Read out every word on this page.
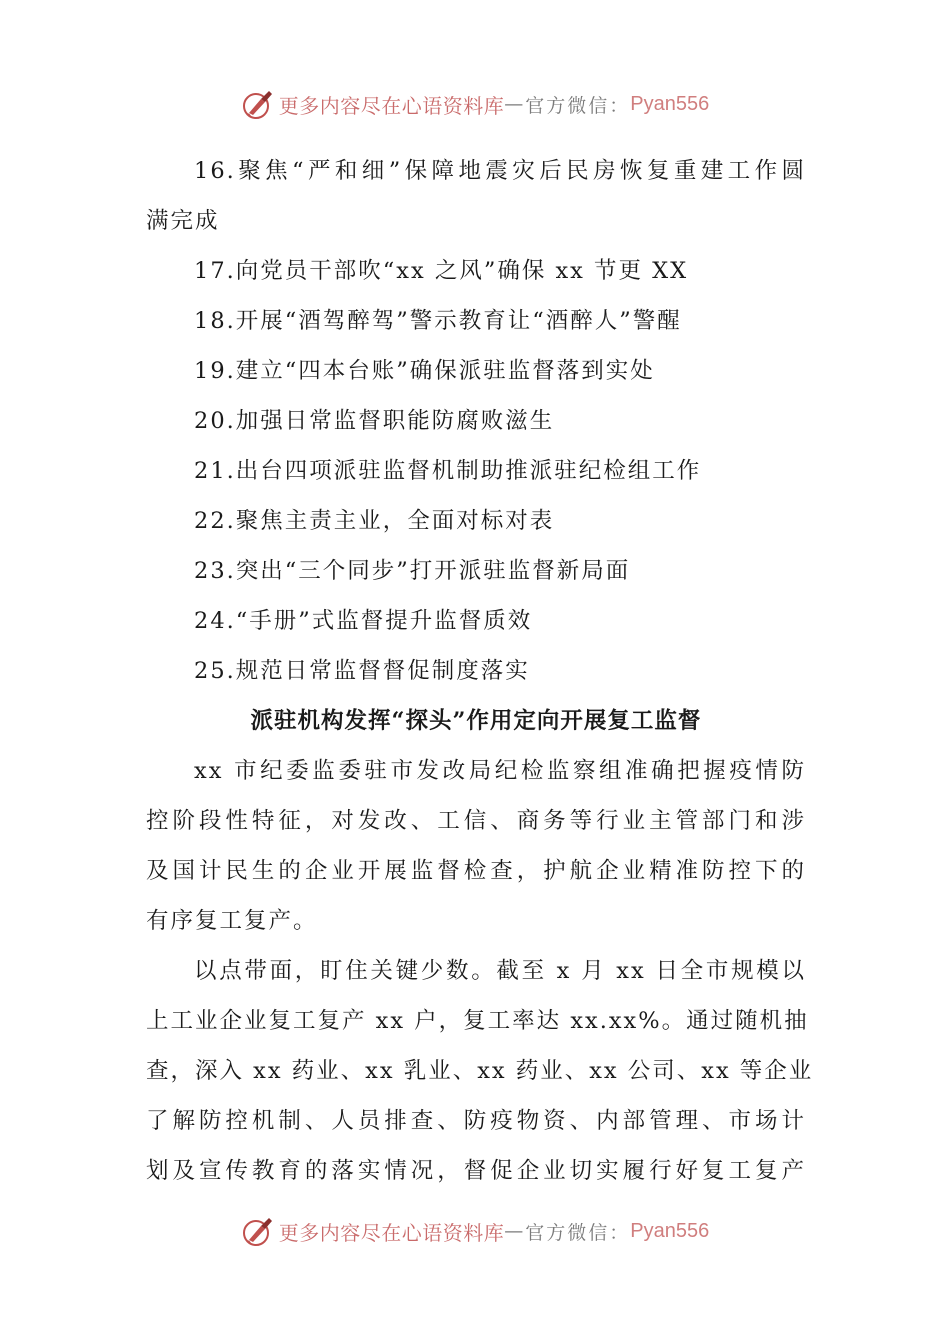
更多内容尽在心语资料库 — 官方微信： Pyan556
16.聚焦“严和细”保障地震灾后民房恢复重建工作圆
满完成
17.向党员干部吹“xx 之风”确保 xx 节更 XX
18.开展“酒驾醉驾”警示教育让“酒醉人”警醒
19.建立“四本台账”确保派驻监督落到实处
20.加强日常监督职能防腐败滋生
21.出台四项派驻监督机制助推派驻纪检组工作
22.聚焦主责主业，全面对标对表
23.突出“三个同步”打开派驻监督新局面
24.“手册”式监督提升监督质效
25.规范日常监督督促制度落实
派驻机构发挥“探头”作用定向开展复工监督
xx 市纪委监委驻市发改局纪检监察组准确把握疫情防
控阶段性特征，对发改、工信、商务等行业主管部门和涉
及国计民生的企业开展监督检查，护航企业精准防控下的
有序复工复产。
以点带面，盯住关键少数。截至 x 月 xx 日全市规模以
上工业企业复工复产 xx 户，复工率达 xx.xx%。通过随机抽
查，深入 xx 药业、xx 乳业、xx 药业、xx 公司、xx 等企业
了解防控机制、人员排查、防疫物资、内部管理、市场计
划及宣传教育的落实情况，督促企业切实履行好复工复产
更多内容尽在心语资料库 — 官方微信： Pyan556
